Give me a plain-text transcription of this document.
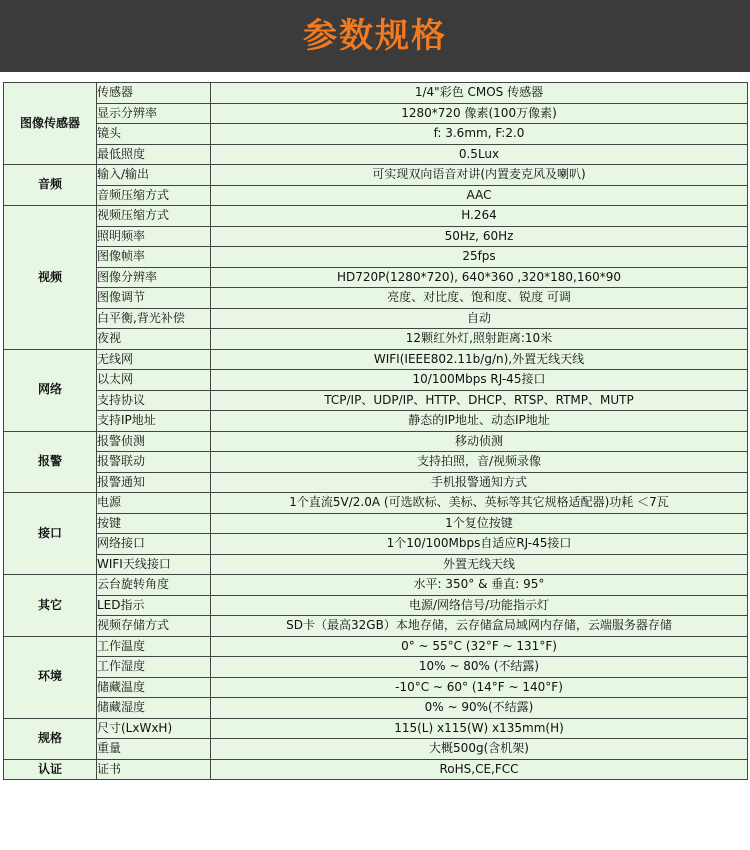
参数规格
图像传感器	传感器	1/4"彩色 CMOS 传感器
	显示分辨率	1280*720 像素(100万像素)
	镜头	f: 3.6mm, F:2.0
	最低照度	0.5Lux
音频	输入/输出	可实现双向语音对讲(内置麦克风及喇叭)
	音频压缩方式	AAC
视频	视频压缩方式	H.264
	照明频率	50Hz, 60Hz
	图像帧率	25fps
	图像分辨率	HD720P(1280*720), 640*360 ,320*180,160*90
	图像调节	亮度、对比度、饱和度、锐度 可调
	白平衡,背光补偿	自动
	夜视	12颗红外灯,照射距离:10米
网络	无线网	WIFI(IEEE802.11b/g/n),外置无线天线
	以太网	10/100Mbps RJ-45接口
	支持协议	TCP/IP、UDP/IP、HTTP、DHCP、RTSP、RTMP、MUTP
	支持IP地址	静态的IP地址、动态IP地址
报警	报警侦测	移动侦测
	报警联动	支持拍照，音/视频录像
	报警通知	手机报警通知方式
接口	电源	1个直流5V/2.0A (可选欧标、美标、英标等其它规格适配器)功耗 ＜7瓦
	按键	1个复位按键
	网络接口	1个10/100Mbps自适应RJ-45接口
	WIFI天线接口	外置无线天线
其它	云台旋转角度	水平: 350° & 垂直: 95°
	LED指示	电源/网络信号/功能指示灯
	视频存储方式	SD卡（最高32GB）本地存储，云存储盒局域网内存储，云端服务器存储
环境	工作温度	0° ~ 55°C (32°F ~ 131°F)
	工作湿度	10% ~ 80% (不结露)
	储藏温度	-10°C ~ 60° (14°F ~ 140°F)
	储藏湿度	0% ~ 90%(不结露)
规格	尺寸(LxWxH)	115(L) x115(W) x135mm(H)
	重量	大概500g(含机架)
认证	证书	RoHS,CE,FCC
